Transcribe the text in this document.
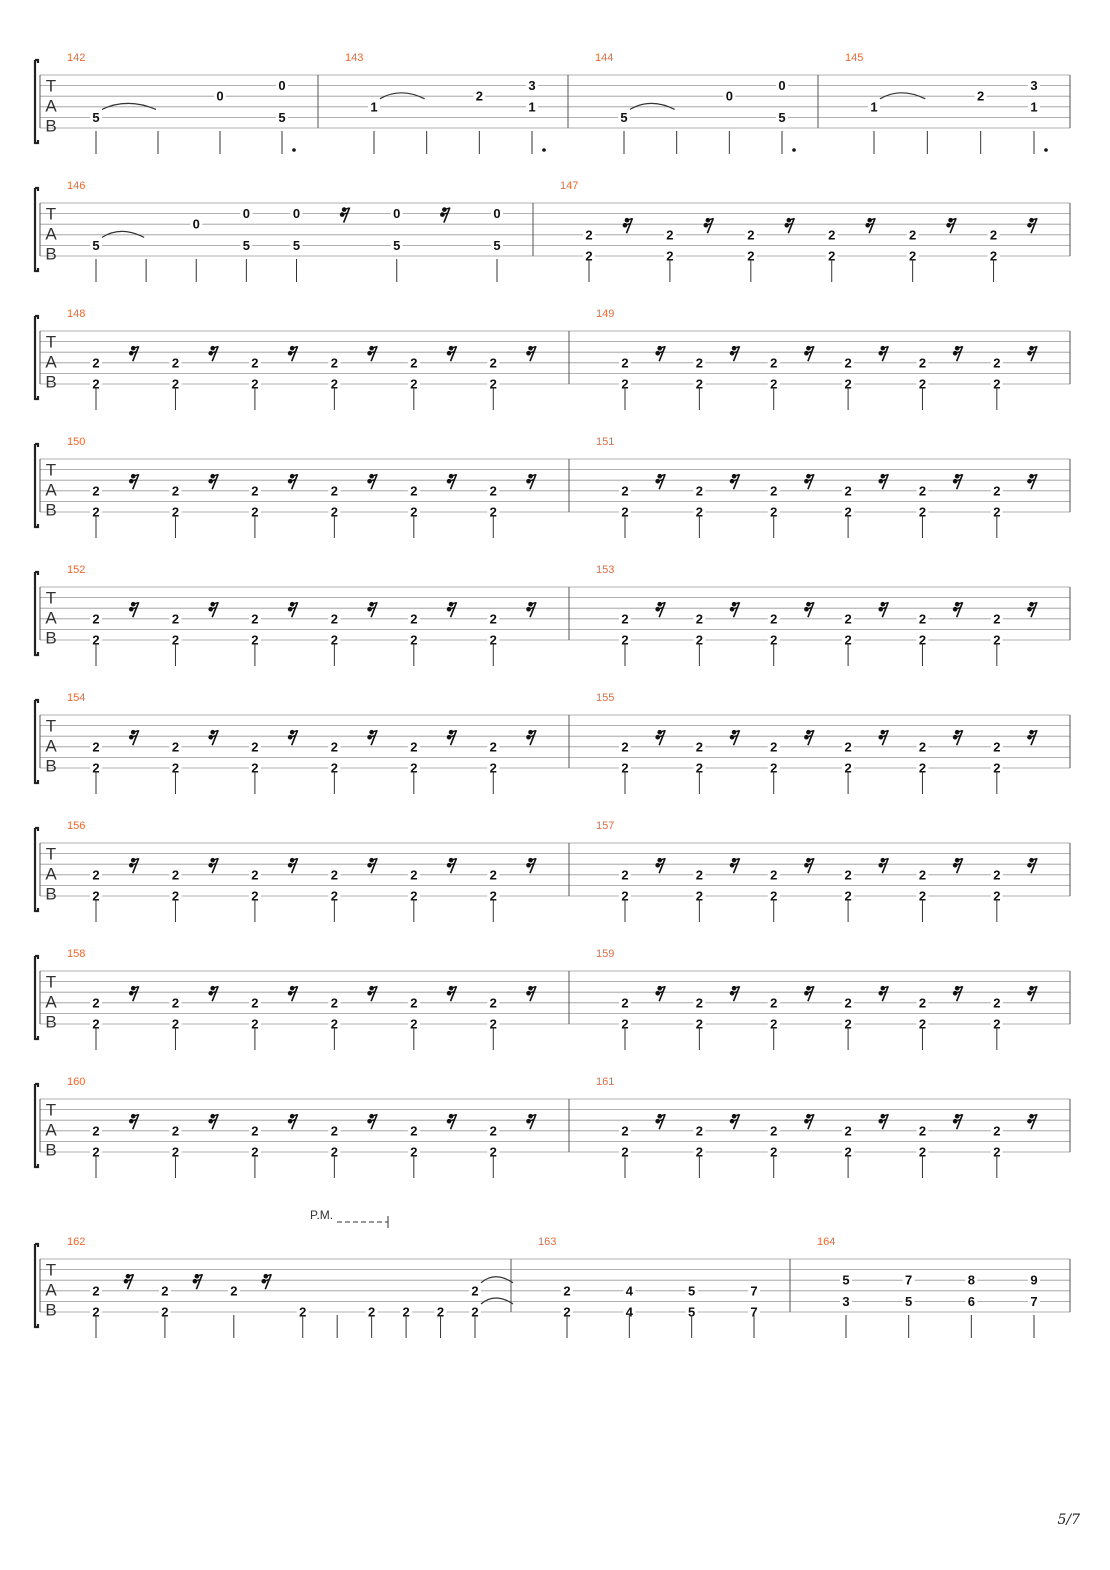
T
A
B
142
5
0
0
5
143
1
2
3
1
144
5
0
0
5
145
1
2
3
1
T
A
B
146
5
0
0
5
0
5
0
5
0
5
147
2
2
2
2
2
2
2
2
2
2
2
2
T
A
B
148
2
2
2
2
2
2
2
2
2
2
2
2
149
2
2
2
2
2
2
2
2
2
2
2
2
T
A
B
150
2
2
2
2
2
2
2
2
2
2
2
2
151
2
2
2
2
2
2
2
2
2
2
2
2
T
A
B
152
2
2
2
2
2
2
2
2
2
2
2
2
153
2
2
2
2
2
2
2
2
2
2
2
2
T
A
B
154
2
2
2
2
2
2
2
2
2
2
2
2
155
2
2
2
2
2
2
2
2
2
2
2
2
T
A
B
156
2
2
2
2
2
2
2
2
2
2
2
2
157
2
2
2
2
2
2
2
2
2
2
2
2
T
A
B
158
2
2
2
2
2
2
2
2
2
2
2
2
159
2
2
2
2
2
2
2
2
2
2
2
2
T
A
B
160
2
2
2
2
2
2
2
2
2
2
2
2
161
2
2
2
2
2
2
2
2
2
2
2
2
T
A
B
162
2
2
2
2
2
2	2 2 2
2
2
163
2
2
4
4
5
5
7
7
164
5
3
7
5
8
6
9
7
P.M.
5/7
